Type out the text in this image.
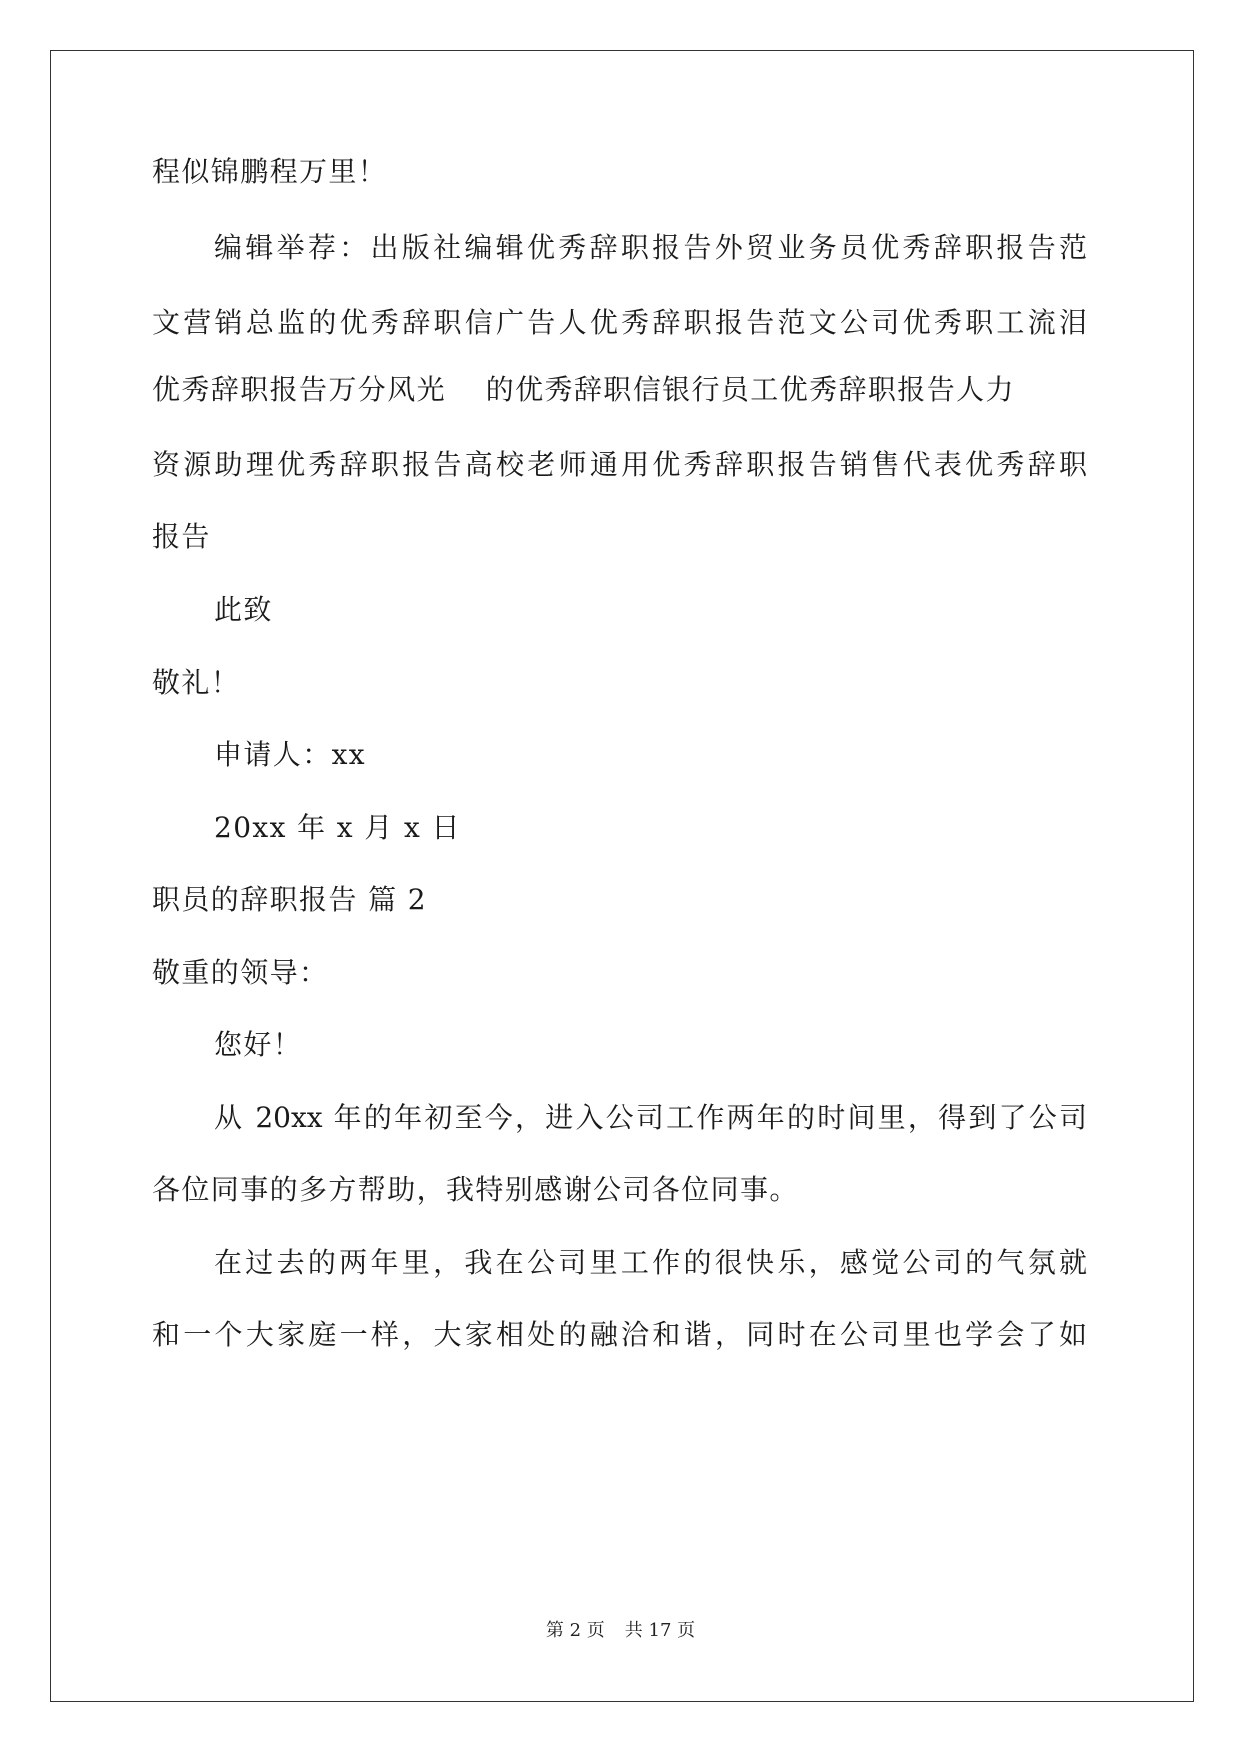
程似锦鹏程万里！
编辑举荐：出版社编辑优秀辞职报告外贸业务员优秀辞职报告范
文营销总监的优秀辞职信广告人优秀辞职报告范文公司优秀职工流泪
优秀辞职报告万分风光　 的优秀辞职信银行员工优秀辞职报告人力
资源助理优秀辞职报告高校老师通用优秀辞职报告销售代表优秀辞职
报告
此致
敬礼！
申请人：xx
20xx 年 x 月 x 日
职员的辞职报告 篇 2
敬重的领导：
您好！
从 20xx 年的年初至今，进入公司工作两年的时间里，得到了公司
各位同事的多方帮助，我特别感谢公司各位同事。
在过去的两年里，我在公司里工作的很快乐，感觉公司的气氛就
和一个大家庭一样，大家相处的融洽和谐，同时在公司里也学会了如
第 2 页 共 17 页
